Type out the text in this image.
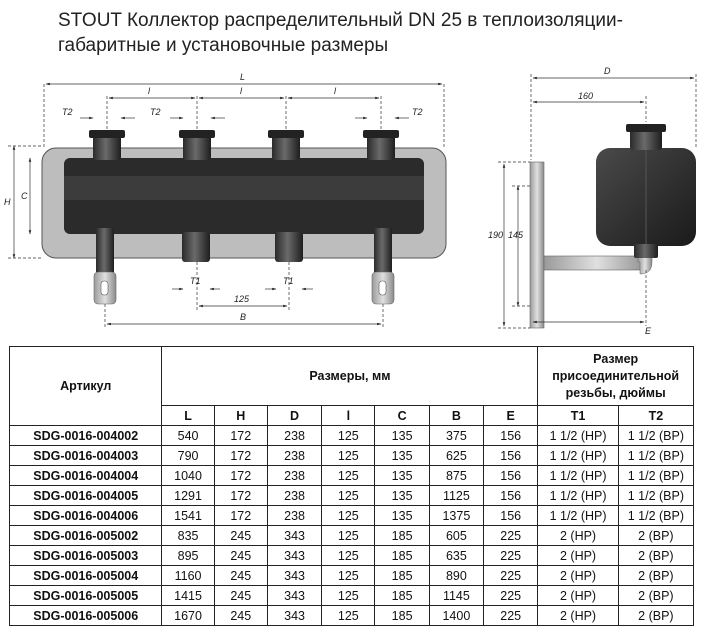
STOUT Коллектор распределительный DN 25 в теплоизоляции-
габаритные и установочные размеры
L
l	l	l
T2	T2	T2
H
C
T1	T1
125
B
D
160
190 145
E
Артикул	Размеры, мм							Размер
присоединительной
резьбы, дюймы	

	L	H	D	l	C	B	E	T1	T2
SDG-0016-004002	540	172	238	125	135	375	156	1 1/2 (НР)	1 1/2 (ВР)
SDG-0016-004003	790	172	238	125	135	625	156	1 1/2 (НР)	1 1/2 (ВР)
SDG-0016-004004	1040	172	238	125	135	875	156	1 1/2 (НР)	1 1/2 (ВР)
SDG-0016-004005	1291	172	238	125	135	1125	156	1 1/2 (НР)	1 1/2 (ВР)
SDG-0016-004006	1541	172	238	125	135	1375	156	1 1/2 (НР)	1 1/2 (ВР)
SDG-0016-005002	835	245	343	125	185	605	225	2 (НР)	2 (ВР)
SDG-0016-005003	895	245	343	125	185	635	225	2 (НР)	2 (ВР)
SDG-0016-005004	1160	245	343	125	185	890	225	2 (НР)	2 (ВР)
SDG-0016-005005	1415	245	343	125	185	1145	225	2 (НР)	2 (ВР)
SDG-0016-005006	1670	245	343	125	185	1400	225	2 (НР)	2 (ВР)
